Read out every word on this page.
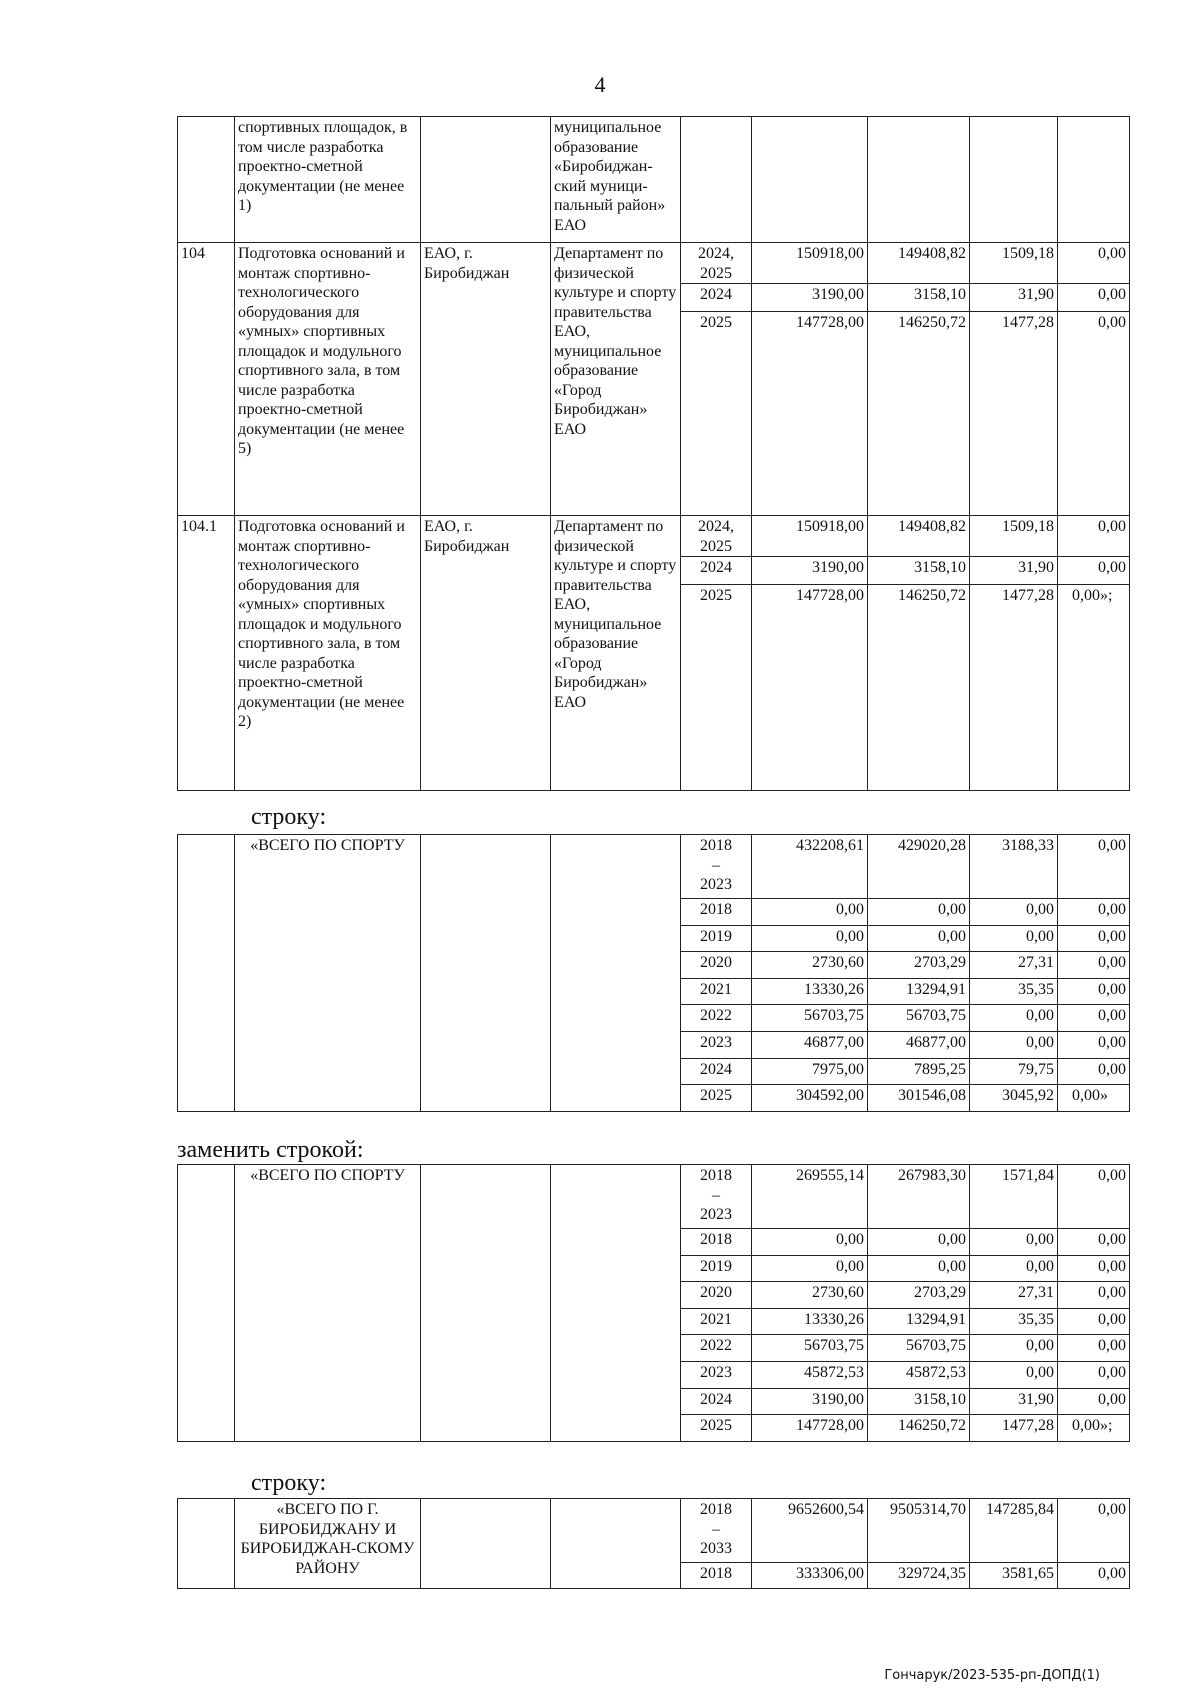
4
	спортивных площадок, в том числе разработка проектно-сметной документации (не менее 1)		муниципальное образование «Биробиджан-ский муници-пальный район» ЕАО					
104	Подготовка оснований и монтаж спортивно-технологического оборудования для «умных» спортивных площадок и модульного спортивного зала, в том числе разработка проектно-сметной документации (не менее 5)	ЕАО, г. Биробиджан	Департамент по физической культуре и спорту правительства ЕАО, муниципальное образование «Город Биробиджан» ЕАО	2024, 2025	150918,00	149408,82	1509,18	0,00
				2024	3190,00	3158,10	31,90	0,00
				2025	147728,00	146250,72	1477,28	0,00
104.1	Подготовка оснований и монтаж спортивно-технологического оборудования для «умных» спортивных площадок и модульного спортивного зала, в том числе разработка проектно-сметной документации (не менее 2)	ЕАО, г. Биробиджан	Департамент по физической культуре и спорту правительства ЕАО, муниципальное образование «Город Биробиджан» ЕАО	2024, 2025	150918,00	149408,82	1509,18	0,00
				2024	3190,00	3158,10	31,90	0,00
				2025	147728,00	146250,72	1477,28	0,00»;
строку:
	«ВСЕГО ПО СПОРТУ			2018
–
2023	432208,61	429020,28	3188,33	0,00
				2018	0,00	0,00	0,00	0,00
				2019	0,00	0,00	0,00	0,00
				2020	2730,60	2703,29	27,31	0,00
				2021	13330,26	13294,91	35,35	0,00
				2022	56703,75	56703,75	0,00	0,00
				2023	46877,00	46877,00	0,00	0,00
				2024	7975,00	7895,25	79,75	0,00
				2025	304592,00	301546,08	3045,92	0,00»
заменить строкой:
	«ВСЕГО ПО СПОРТУ			2018
–
2023	269555,14	267983,30	1571,84	0,00
				2018	0,00	0,00	0,00	0,00
				2019	0,00	0,00	0,00	0,00
				2020	2730,60	2703,29	27,31	0,00
				2021	13330,26	13294,91	35,35	0,00
				2022	56703,75	56703,75	0,00	0,00
				2023	45872,53	45872,53	0,00	0,00
				2024	3190,00	3158,10	31,90	0,00
				2025	147728,00	146250,72	1477,28	0,00»;
строку:
	«ВСЕГО ПО Г. БИРОБИДЖАНУ И БИРОБИДЖАН-СКОМУ РАЙОНУ			2018
–
2033	9652600,54	9505314,70	147285,84	0,00
				2018	333306,00	329724,35	3581,65	0,00
Гончарук/2023-535-рп-ДОПД(1)
